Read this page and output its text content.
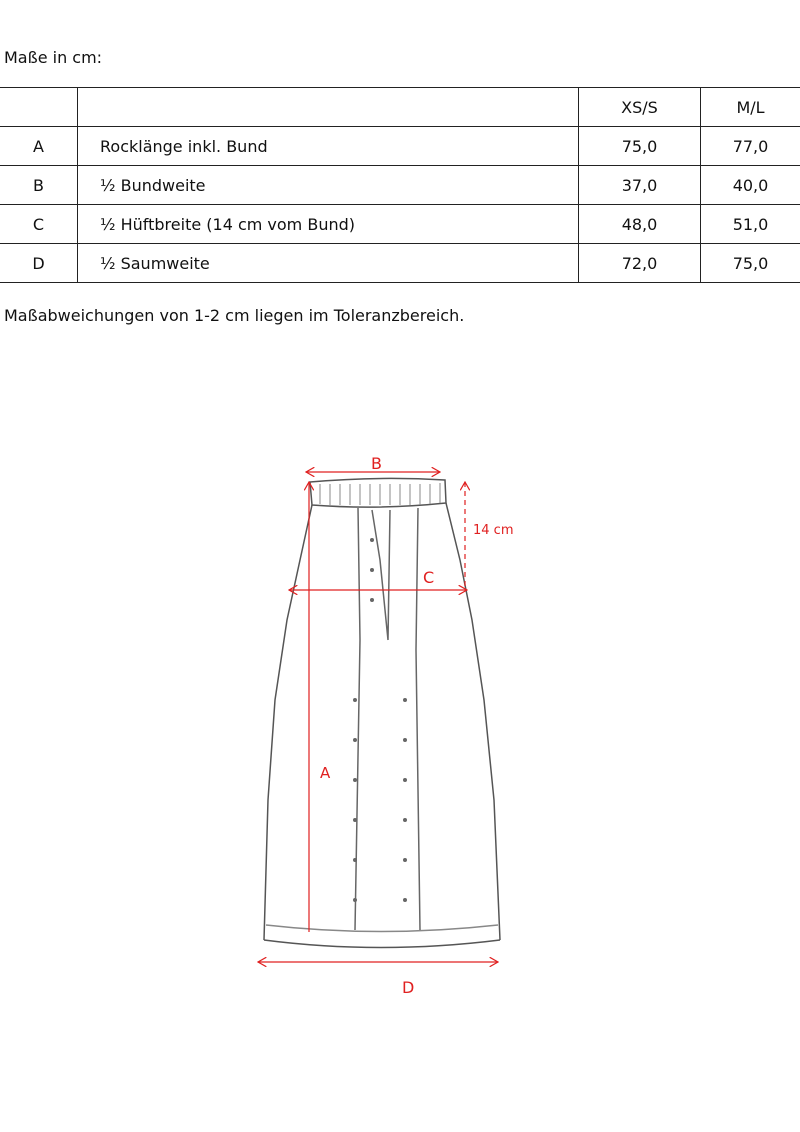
Maße in cm:
		XS/S	M/L
A	Rocklänge inkl. Bund	75,0	77,0
B	½ Bundweite	37,0	40,0
C	½ Hüftbreite (14 cm vom Bund)	48,0	51,0
D	½ Saumweite	72,0	75,0
Maßabweichungen von 1-2 cm liegen im Toleranzbereich.
B
A
C
14 cm
D
